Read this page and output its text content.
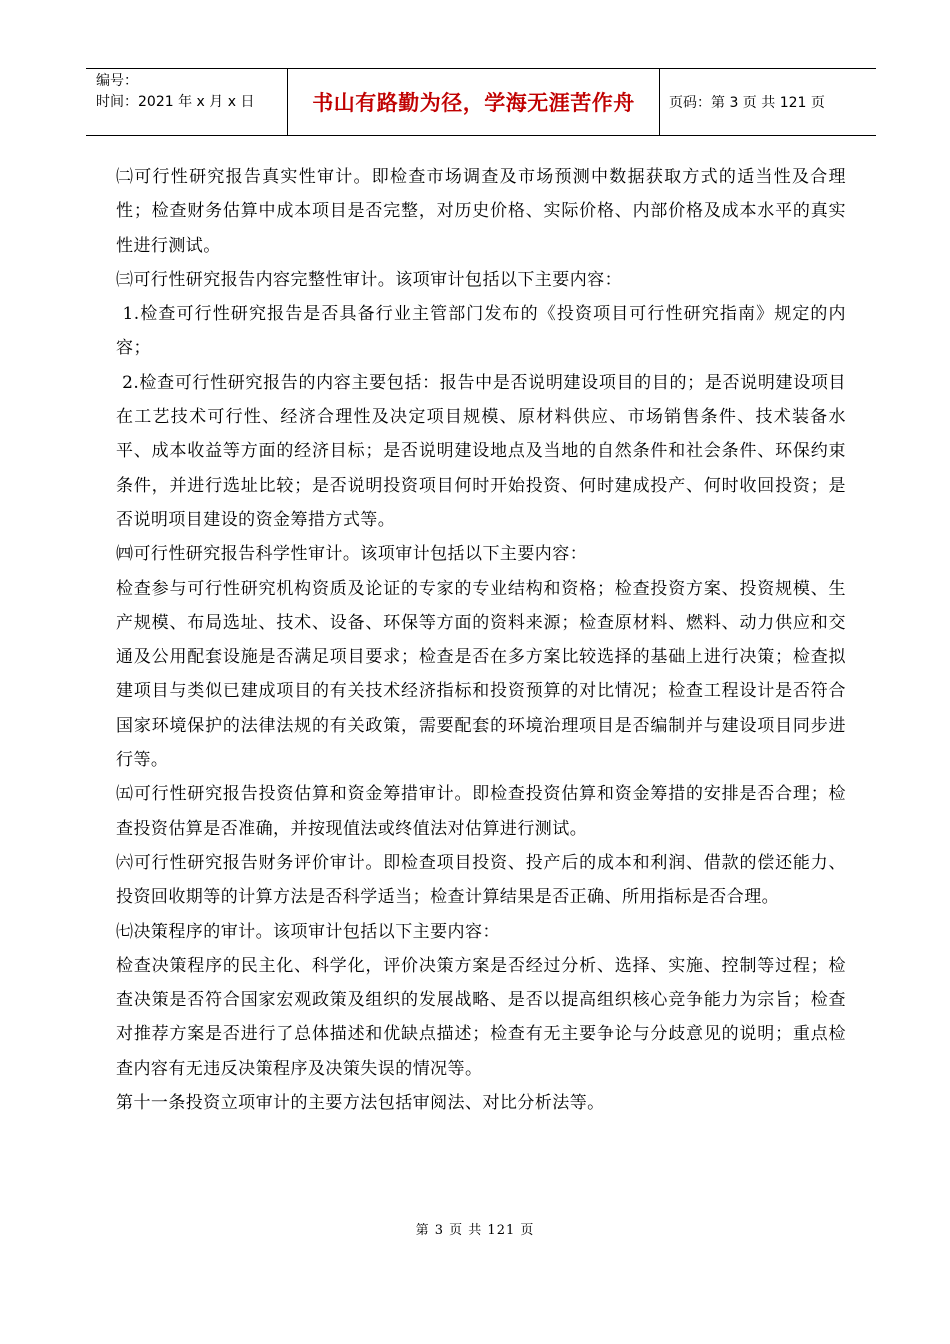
编号：
时间：2021 年 x 月 x 日	书山有路勤为径，学海无涯苦作舟 页码：第 3 页 共 121 页

㈡可行性研究报告真实性审计。即检查市场调查及市场预测中数据获取方式的适当性及合理性；检查财务估算中成本项目是否完整，对历史价格、实际价格、内部价格及成本水平的真实性进行测试。

㈢可行性研究报告内容完整性审计。该项审计包括以下主要内容：

1.检查可行性研究报告是否具备行业主管部门发布的《投资项目可行性研究指南》规定的内容；

2.检查可行性研究报告的内容主要包括：报告中是否说明建设项目的目的；是否说明建设项目在工艺技术可行性、经济合理性及决定项目规模、原材料供应、市场销售条件、技术装备水平、成本收益等方面的经济目标；是否说明建设地点及当地的自然条件和社会条件、环保约束条件，并进行选址比较；是否说明投资项目何时开始投资、何时建成投产、何时收回投资；是否说明项目建设的资金筹措方式等。

㈣可行性研究报告科学性审计。该项审计包括以下主要内容：

检查参与可行性研究机构资质及论证的专家的专业结构和资格；检查投资方案、投资规模、生产规模、布局选址、技术、设备、环保等方面的资料来源；检查原材料、燃料、动力供应和交通及公用配套设施是否满足项目要求；检查是否在多方案比较选择的基础上进行决策；检查拟建项目与类似已建成项目的有关技术经济指标和投资预算的对比情况；检查工程设计是否符合国家环境保护的法律法规的有关政策，需要配套的环境治理项目是否编制并与建设项目同步进行等。

㈤可行性研究报告投资估算和资金筹措审计。即检查投资估算和资金筹措的安排是否合理；检查投资估算是否准确，并按现值法或终值法对估算进行测试。

㈥可行性研究报告财务评价审计。即检查项目投资、投产后的成本和利润、借款的偿还能力、投资回收期等的计算方法是否科学适当；检查计算结果是否正确、所用指标是否合理。

㈦决策程序的审计。该项审计包括以下主要内容：

检查决策程序的民主化、科学化，评价决策方案是否经过分析、选择、实施、控制等过程；检查决策是否符合国家宏观政策及组织的发展战略、是否以提高组织核心竞争能力为宗旨；检查对推荐方案是否进行了总体描述和优缺点描述；检查有无主要争论与分歧意见的说明；重点检查内容有无违反决策程序及决策失误的情况等。

第十一条投资立项审计的主要方法包括审阅法、对比分析法等。

第 3 页 共 121 页
